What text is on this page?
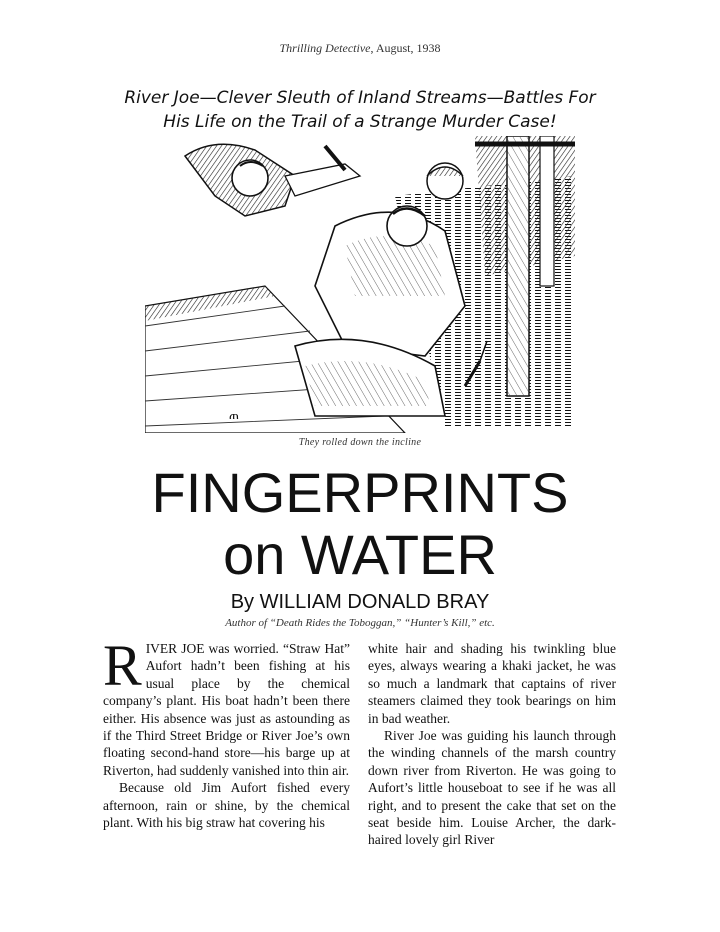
Thrilling Detective, August, 1938
River Joe—Clever Sleuth of Inland Streams—Battles For
His Life on the Trail of a Strange Murder Case!
ጠ
They rolled down the incline
FINGERPRINTS
on WATER
By WILLIAM DONALD BRAY
Author of “Death Rides the Toboggan,” “Hunter’s Kill,” etc.

RIVER JOE was worried. “Straw Hat” Aufort hadn’t been fishing at his usual place by the chemical company’s plant. His boat hadn’t been there either. His absence was just as astounding as if the Third Street Bridge or River Joe’s own floating second-hand store—his barge up at Riverton, had suddenly vanished into thin air.

Because old Jim Aufort fished every afternoon, rain or shine, by the chemical plant. With his big straw hat covering his

white hair and shading his twinkling blue eyes, always wearing a khaki jacket, he was so much a landmark that captains of river steamers claimed they took bearings on him in bad weather.

River Joe was guiding his launch through the winding channels of the marsh country down river from Riverton. He was going to Aufort’s little houseboat to see if he was all right, and to present the cake that set on the seat beside him. Louise Archer, the dark-haired lovely girl River
